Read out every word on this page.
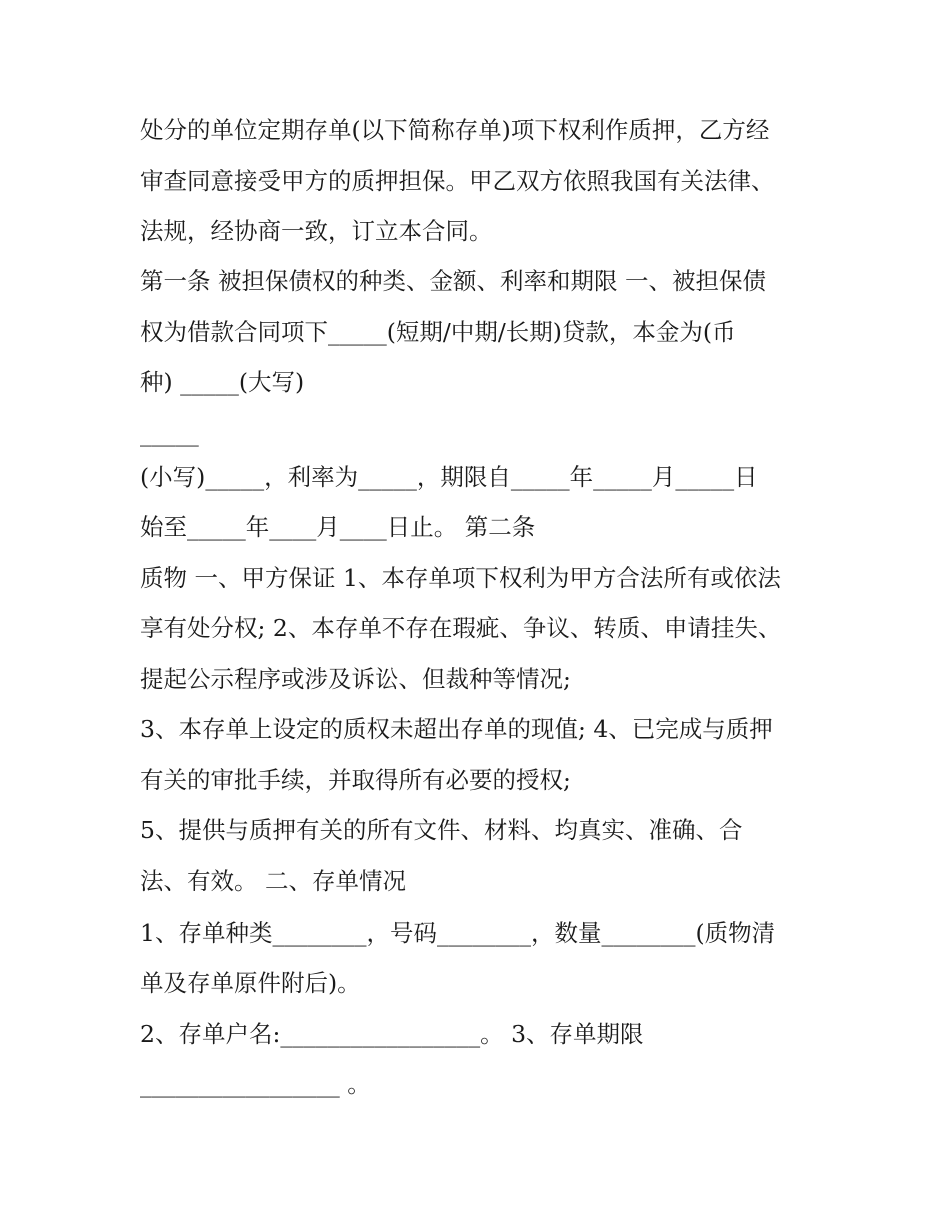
处分的单位定期存单(以下简称存单)项下权利作质押，乙方经

审查同意接受甲方的质押担保。甲乙双方依照我国有关法律、

法规，经协商一致，订立本合同。

第一条 被担保债权的种类、金额、利率和期限 一、被担保债

权为借款合同项下_____(短期/中期/长期)贷款，本金为(币

种) _____(大写)

_____

(小写)_____，利率为_____，期限自_____年_____月_____日

始至_____年____月____日止。 第二条

质物 一、甲方保证 1、本存单项下权利为甲方合法所有或依法

享有处分权; 2、本存单不存在瑕疵、争议、转质、申请挂失、

提起公示程序或涉及诉讼、但裁种等情况;

3、本存单上设定的质权未超出存单的现值; 4、已完成与质押

有关的审批手续，并取得所有必要的授权;

5、提供与质押有关的所有文件、材料、均真实、准确、合

法、有效。 二、存单情况

1、存单种类________，号码________，数量________(质物清

单及存单原件附后)。

2、存单户名:_________________。 3、存单期限

_________________ 。
